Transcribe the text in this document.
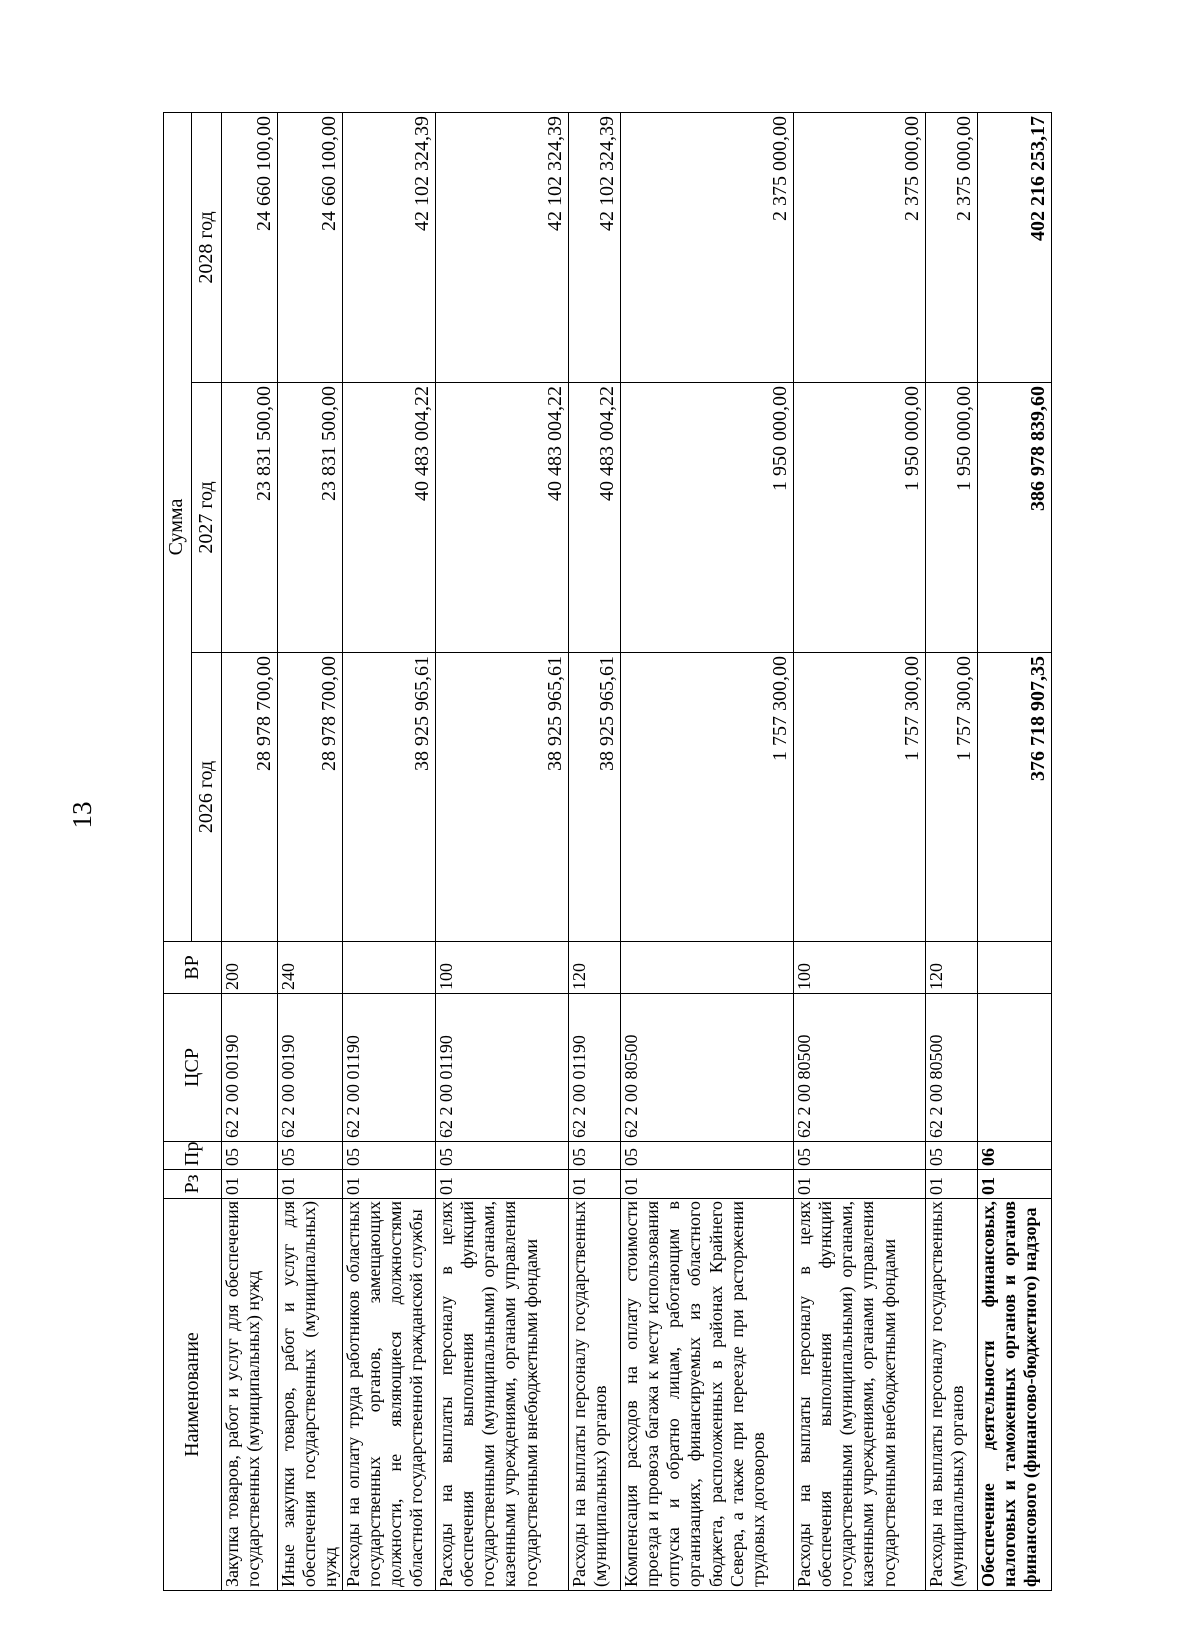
13
Наименование	Рз	Пр	ЦСР	ВР	Сумма		
					2026 год	2027 год	2028 год
Закупка товаров, работ и услуг для обеспечения государственных (муниципальных) нужд	01	05	62 2 00 00190	200	28 978 700,00	23 831 500,00	24 660 100,00
Иные закупки товаров, работ и услуг для обеспечения государственных (муниципальных) нужд	01	05	62 2 00 00190	240	28 978 700,00	23 831 500,00	24 660 100,00
Расходы на оплату труда работников областных государственных органов, замещающих должности, не являющиеся должностями областной государственной гражданской службы	01	05	62 2 00 01190		38 925 965,61	40 483 004,22	42 102 324,39
Расходы на выплаты персоналу в целях обеспечения выполнения функций государственными (муниципальными) органами, казенными учреждениями, органами управления государственными внебюджетными фондами	01	05	62 2 00 01190	100	38 925 965,61	40 483 004,22	42 102 324,39
Расходы на выплаты персоналу государственных (муниципальных) органов	01	05	62 2 00 01190	120	38 925 965,61	40 483 004,22	42 102 324,39
Компенсация расходов на оплату стоимости проезда и провоза багажа к месту использования отпуска и обратно лицам, работающим в организациях, финансируемых из областного бюджета, расположенных в районах Крайнего Севера, а также при переезде при расторжении трудовых договоров	01	05	62 2 00 80500		1 757 300,00	1 950 000,00	2 375 000,00
Расходы на выплаты персоналу в целях обеспечения выполнения функций государственными (муниципальными) органами, казенными учреждениями, органами управления государственными внебюджетными фондами	01	05	62 2 00 80500	100	1 757 300,00	1 950 000,00	2 375 000,00
Расходы на выплаты персоналу государственных (муниципальных) органов	01	05	62 2 00 80500	120	1 757 300,00	1 950 000,00	2 375 000,00
Обеспечение деятельности финансовых, налоговых и таможенных органов и органов финансового (финансово-бюджетного) надзора	01	06			376 718 907,35	386 978 839,60	402 216 253,17
